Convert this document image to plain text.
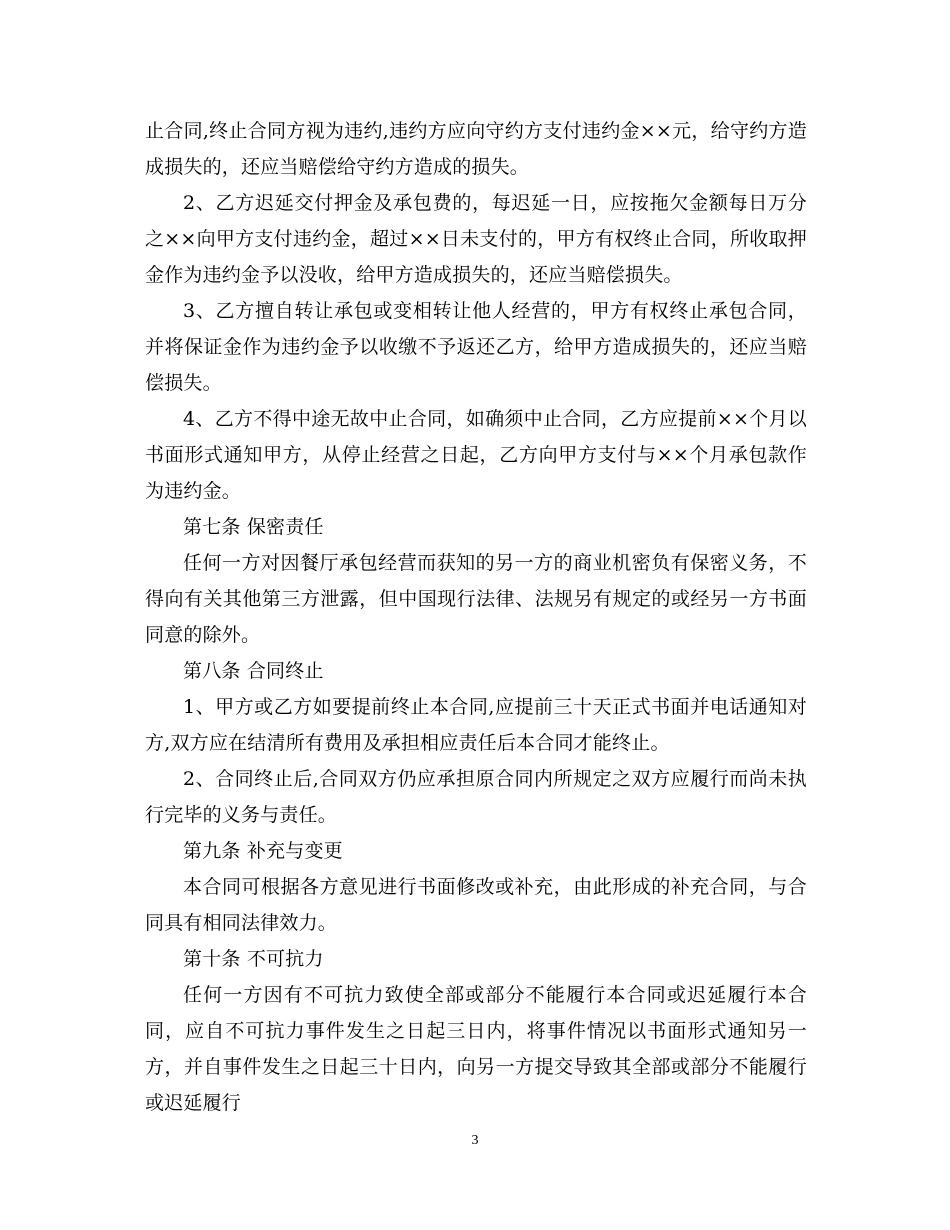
止合同,终止合同方视为违约,违约方应向守约方支付违约金××元，给守约方造成损失的，还应当赔偿给守约方造成的损失。

2、乙方迟延交付押金及承包费的，每迟延一日，应按拖欠金额每日万分之××向甲方支付违约金，超过××日未支付的，甲方有权终止合同，所收取押金作为违约金予以没收，给甲方造成损失的，还应当赔偿损失。

3、乙方擅自转让承包或变相转让他人经营的，甲方有权终止承包合同，并将保证金作为违约金予以收缴不予返还乙方，给甲方造成损失的，还应当赔偿损失。

4、乙方不得中途无故中止合同，如确须中止合同，乙方应提前××个月以书面形式通知甲方，从停止经营之日起，乙方向甲方支付与××个月承包款作为违约金。

第七条 保密责任

任何一方对因餐厅承包经营而获知的另一方的商业机密负有保密义务，不得向有关其他第三方泄露，但中国现行法律、法规另有规定的或经另一方书面同意的除外。

第八条 合同终止

1、甲方或乙方如要提前终止本合同,应提前三十天正式书面并电话通知对方,双方应在结清所有费用及承担相应责任后本合同才能终止。

2、合同终止后,合同双方仍应承担原合同内所规定之双方应履行而尚未执行完毕的义务与责任。

第九条 补充与变更

本合同可根据各方意见进行书面修改或补充，由此形成的补充合同，与合同具有相同法律效力。

第十条 不可抗力

任何一方因有不可抗力致使全部或部分不能履行本合同或迟延履行本合同，应自不可抗力事件发生之日起三日内，将事件情况以书面形式通知另一方，并自事件发生之日起三十日内，向另一方提交导致其全部或部分不能履行或迟延履行

3
